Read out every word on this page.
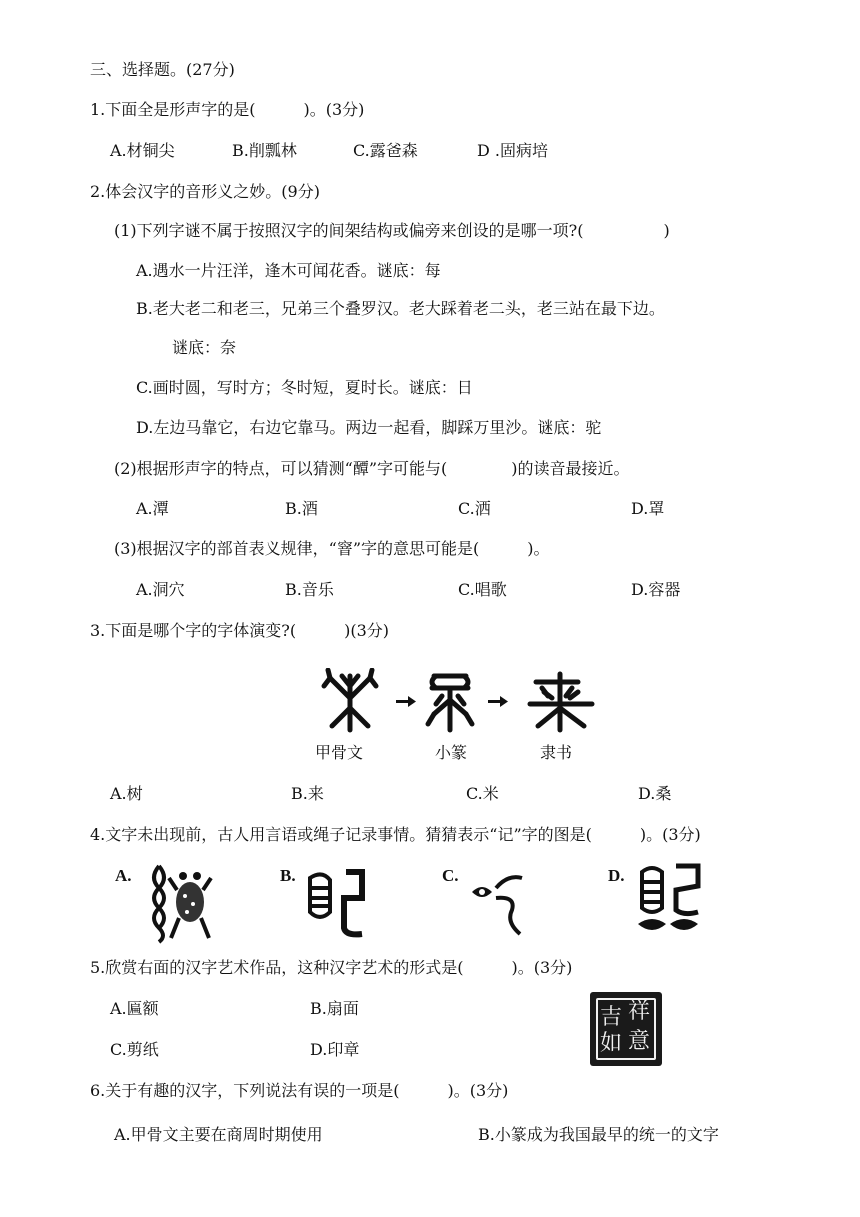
三、选择题。(27分)
1.下面全是形声字的是(　　　)。(3分)
A.材铜尖	B.削瓢林	C.露爸森	D .固病培
2.体会汉字的音形义之妙。(9分)
(1)下列字谜不属于按照汉字的间架结构或偏旁来创设的是哪一项?(　　　　　)
A.遇水一片汪洋，逢木可闻花香。谜底：每
B.老大老二和老三，兄弟三个叠罗汉。老大踩着老二头，老三站在最下边。
谜底：奈
C.画时圆，写时方；冬时短，夏时长。谜底：日
D.左边马靠它，右边它靠马。两边一起看，脚踩万里沙。谜底：驼
(2)根据形声字的特点，可以猜测“醰”字可能与(　　　　)的读音最接近。
A.潭	B.酒	C.洒	D.罩
(3)根据汉字的部首表义规律，“窨”字的意思可能是(　　　)。
A.洞穴	B.音乐	C.唱歌	D.容器
3.下面是哪个字的字体演变?(　　　)(3分)
甲骨文	小篆	隶书
A.树	B.来	C.米	D.桑
4.文字未出现前，古人用言语或绳子记录事情。猜猜表示“记”字的图是(　　　)。(3分)
A.	B.	C.	D.
5.欣赏右面的汉字艺术作品，这种汉字艺术的形式是(　　　)。(3分)
A.匾额	B.扇面
C.剪纸	D.印章
祥
吉
如 意
6.关于有趣的汉字，下列说法有误的一项是(　　　)。(3分)
A.甲骨文主要在商周时期使用	B.小篆成为我国最早的统一的文字
